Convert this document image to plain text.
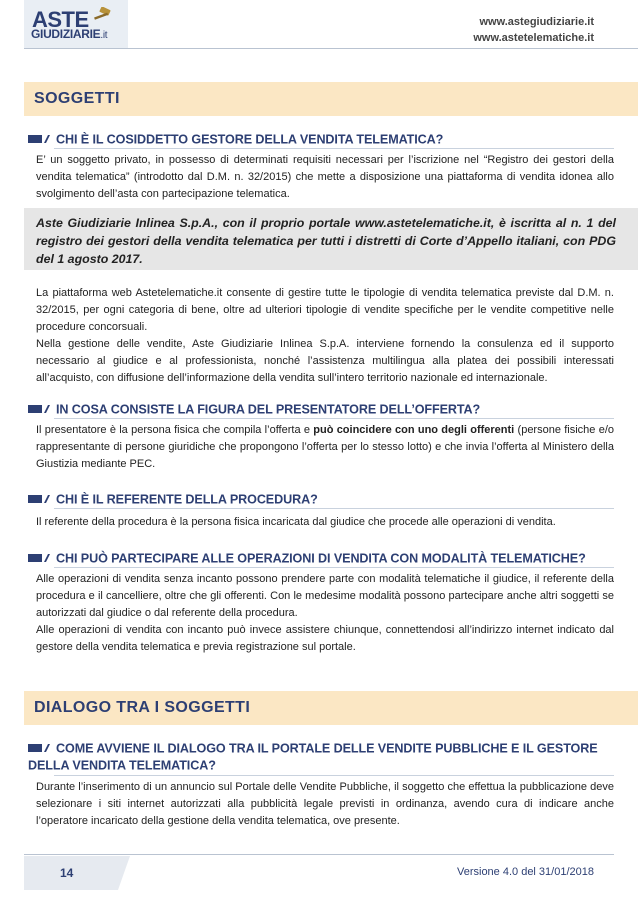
ASTE
GIUDIZIARIE.it
www.astegiudiziarie.it
www.astetelematiche.it
SOGGETTI
CHI È IL COSIDDETTO GESTORE DELLA VENDITA TELEMATICA?
E’ un soggetto privato, in possesso di determinati requisiti necessari per l’iscrizione nel “Registro dei gestori della vendita telematica” (introdotto dal D.M. n. 32/2015) che mette a disposizione una piattaforma di vendita idonea allo svolgimento dell’asta con partecipazione telematica.
Aste Giudiziarie Inlinea S.p.A., con il proprio portale www.astetelematiche.it, è iscritta al n. 1 del registro dei gestori della vendita telematica per tutti i distretti di Corte d’Appello italiani, con PDG del 1 agosto 2017.
La piattaforma web Astetelematiche.it consente di gestire tutte le tipologie di vendita telematica previste dal D.M. n. 32/2015, per ogni categoria di bene, oltre ad ulteriori tipologie di vendite specifiche per le vendite competitive nelle procedure concorsuali.
Nella gestione delle vendite, Aste Giudiziarie Inlinea S.p.A. interviene fornendo la consulenza ed il supporto necessario al giudice e al professionista, nonché l’assistenza multilingua alla platea dei possibili interessati all’acquisto, con diffusione dell’informazione della vendita sull’intero territorio nazionale ed internazionale.
IN COSA CONSISTE LA FIGURA DEL PRESENTATORE DELL’OFFERTA?
Il presentatore è la persona fisica che compila l’offerta e può coincidere con uno degli offerenti (persone fisiche e/o rappresentante di persone giuridiche che propongono l’offerta per lo stesso lotto) e che invia l’offerta al Ministero della Giustizia mediante PEC.
CHI È IL REFERENTE DELLA PROCEDURA?
Il referente della procedura è la persona fisica incaricata dal giudice che procede alle operazioni di vendita.
CHI PUÒ PARTECIPARE ALLE OPERAZIONI DI VENDITA CON MODALITÀ TELEMATICHE?
Alle operazioni di vendita senza incanto possono prendere parte con modalità telematiche il giudice, il referente della procedura e il cancelliere, oltre che gli offerenti. Con le medesime modalità possono partecipare anche altri soggetti se autorizzati dal giudice o dal referente della procedura.
Alle operazioni di vendita con incanto può invece assistere chiunque, connettendosi all’indirizzo internet indicato dal gestore della vendita telematica e previa registrazione sul portale.
DIALOGO TRA I SOGGETTI
COME AVVIENE IL DIALOGO TRA IL PORTALE DELLE VENDITE PUBBLICHE E IL GESTORE DELLA VENDITA TELEMATICA?
Durante l’inserimento di un annuncio sul Portale delle Vendite Pubbliche, il soggetto che effettua la pubblicazione deve selezionare i siti internet autorizzati alla pubblicità legale previsti in ordinanza, avendo cura di indicare anche l’operatore incaricato della gestione della vendita telematica, ove presente.
14	Versione 4.0 del 31/01/2018
